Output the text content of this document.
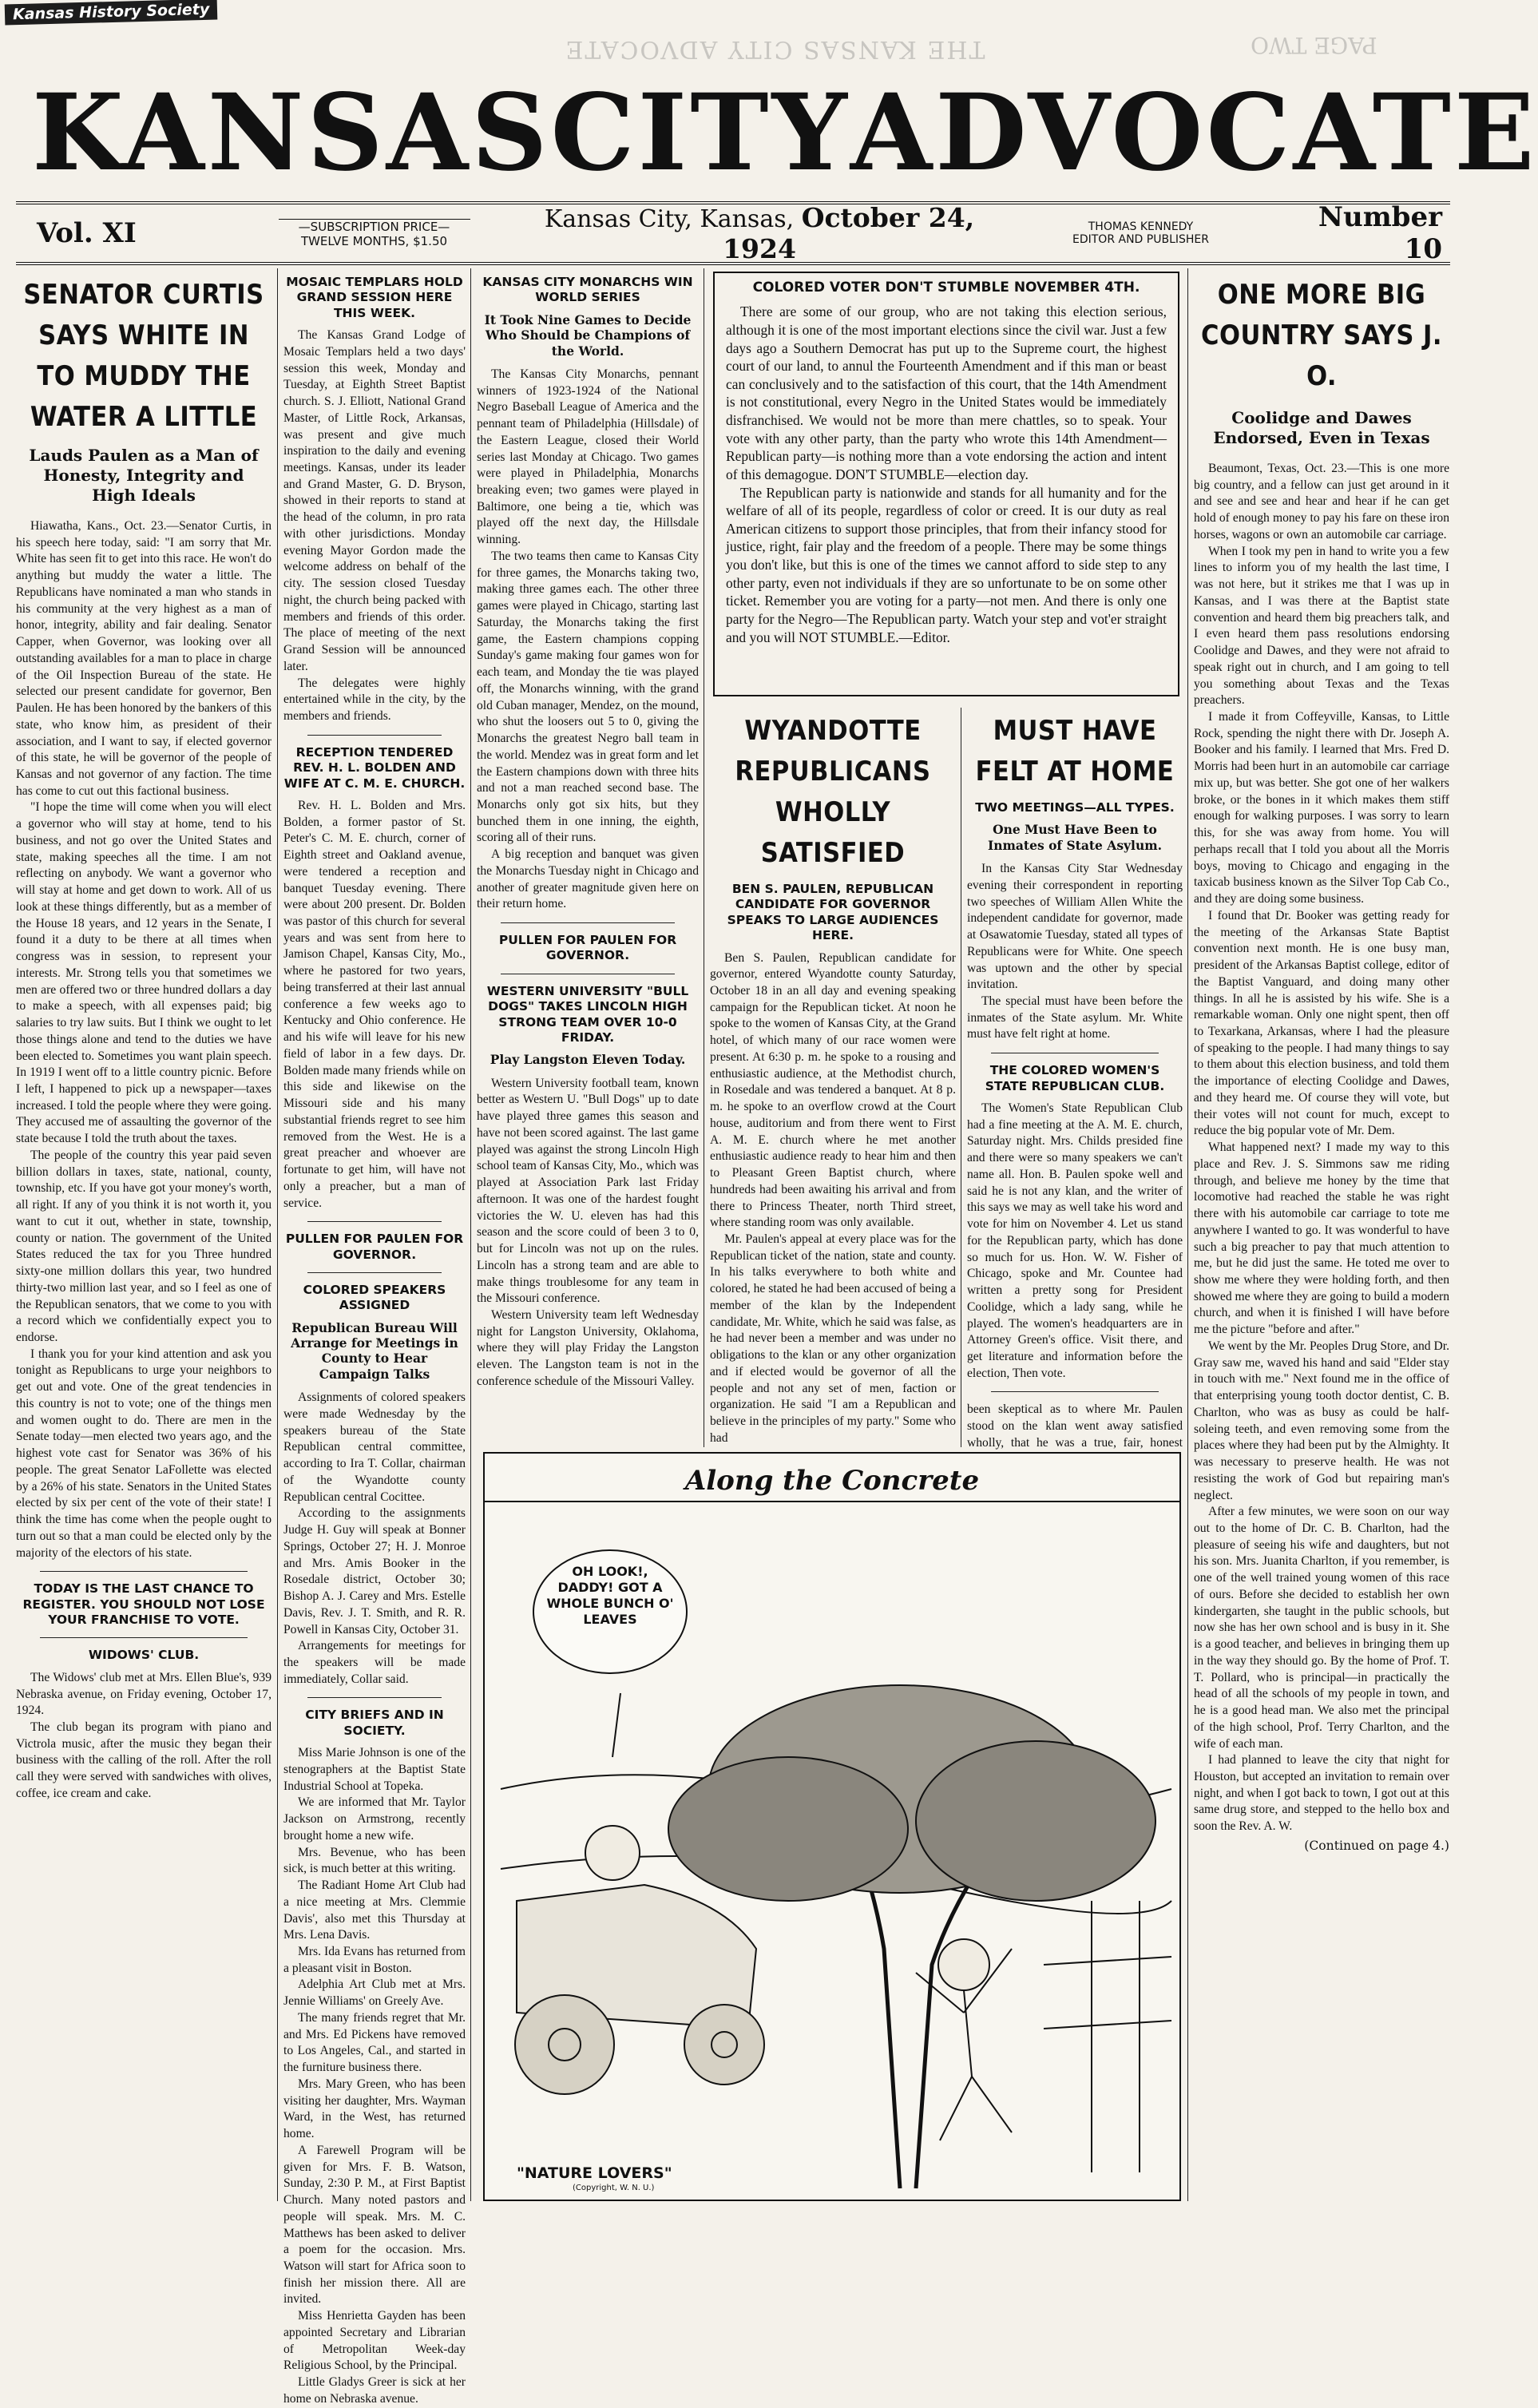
Kansas History Society
THE KANSAS CITY ADVOCATE	PAGE TWO
KANSAS CITY ADVOCATE
Vol. XI	—SUBSCRIPTION PRICE—
TWELVE MONTHS, $1.50
Kansas City, Kansas, October 24, 1924
THOMAS KENNEDY
EDITOR AND PUBLISHER
Number 10
SENATOR CURTIS SAYS WHITE IN TO MUDDY THE WATER A LITTLE
Lauds Paulen as a Man of Honesty, Integrity and High Ideals

Hiawatha, Kans., Oct. 23.—Senator Curtis, in his speech here today, said: "I am sorry that Mr. White has seen fit to get into this race. He won't do anything but muddy the water a little. The Republicans have nominated a man who stands in his community at the very highest as a man of honor, integrity, ability and fair dealing. Senator Capper, when Governor, was looking over all outstanding availables for a man to place in charge of the Oil Inspection Bureau of the state. He selected our present candidate for governor, Ben Paulen. He has been honored by the bankers of this state, who know him, as president of their association, and I want to say, if elected governor of this state, he will be governor of the people of Kansas and not governor of any faction. The time has come to cut out this factional business.

"I hope the time will come when you will elect a governor who will stay at home, tend to his business, and not go over the United States and state, making speeches all the time. I am not reflecting on anybody. We want a governor who will stay at home and get down to work. All of us look at these things differently, but as a member of the House 18 years, and 12 years in the Senate, I found it a duty to be there at all times when congress was in session, to represent your interests. Mr. Strong tells you that sometimes we men are offered two or three hundred dollars a day to make a speech, with all expenses paid; big salaries to try law suits. But I think we ought to let those things alone and tend to the duties we have been elected to. Sometimes you want plain speech. In 1919 I went off to a little country picnic. Before I left, I happened to pick up a newspaper—taxes increased. I told the people where they were going. They accused me of assaulting the governor of the state because I told the truth about the taxes.

The people of the country this year paid seven billion dollars in taxes, state, national, county, township, etc. If you have got your money's worth, all right. If any of you think it is not worth it, you want to cut it out, whether in state, township, county or nation. The government of the United States reduced the tax for you Three hundred sixty-one million dollars this year, two hundred thirty-two million last year, and so I feel as one of the Republican senators, that we come to you with a record which we confidentially expect you to endorse.

I thank you for your kind attention and ask you tonight as Republicans to urge your neighbors to get out and vote. One of the great tendencies in this country is not to vote; one of the things men and women ought to do. There are men in the Senate today—men elected two years ago, and the highest vote cast for Senator was 36% of his people. The great Senator LaFollette was elected by a 26% of his state. Senators in the United States elected by six per cent of the vote of their state! I think the time has come when the people ought to turn out so that a man could be elected only by the majority of the electors of his state.

TODAY IS THE LAST CHANCE TO REGISTER. YOU SHOULD NOT LOSE YOUR FRANCHISE TO VOTE.
WIDOWS' CLUB.

The Widows' club met at Mrs. Ellen Blue's, 939 Nebraska avenue, on Friday evening, October 17, 1924.

The club began its program with piano and Victrola music, after the music they began their business with the calling of the roll. After the roll call they were served with sandwiches with olives, coffee, ice cream and cake.

MOSAIC TEMPLARS HOLD GRAND SESSION HERE THIS WEEK.

The Kansas Grand Lodge of Mosaic Templars held a two days' session this week, Monday and Tuesday, at Eighth Street Baptist church. S. J. Elliott, National Grand Master, of Little Rock, Arkansas, was present and give much inspiration to the daily and evening meetings. Kansas, under its leader and Grand Master, G. D. Bryson, showed in their reports to stand at the head of the column, in pro rata with other jurisdictions. Monday evening Mayor Gordon made the welcome address on behalf of the city. The session closed Tuesday night, the church being packed with members and friends of this order. The place of meeting of the next Grand Session will be announced later.

The delegates were highly entertained while in the city, by the members and friends.

RECEPTION TENDERED REV. H. L. BOLDEN AND WIFE AT C. M. E. CHURCH.

Rev. H. L. Bolden and Mrs. Bolden, a former pastor of St. Peter's C. M. E. church, corner of Eighth street and Oakland avenue, were tendered a reception and banquet Tuesday evening. There were about 200 present. Dr. Bolden was pastor of this church for several years and was sent from here to Jamison Chapel, Kansas City, Mo., where he pastored for two years, being transferred at their last annual conference a few weeks ago to Kentucky and Ohio conference. He and his wife will leave for his new field of labor in a few days. Dr. Bolden made many friends while on this side and likewise on the Missouri side and his many substantial friends regret to see him removed from the West. He is a great preacher and whoever are fortunate to get him, will have not only a preacher, but a man of service.

PULLEN FOR PAULEN FOR GOVERNOR.
COLORED SPEAKERS ASSIGNED
Republican Bureau Will Arrange for Meetings in County to Hear Campaign Talks

Assignments of colored speakers were made Wednesday by the speakers bureau of the State Republican central committee, according to Ira T. Collar, chairman of the Wyandotte county Republican central Cocittee.

According to the assignments Judge H. Guy will speak at Bonner Springs, October 27; H. J. Monroe and Mrs. Amis Booker in the Rosedale district, October 30; Bishop A. J. Carey and Mrs. Estelle Davis, Rev. J. T. Smith, and R. R. Powell in Kansas City, October 31.

Arrangements for meetings for the speakers will be made immediately, Collar said.

CITY BRIEFS AND IN SOCIETY.

Miss Marie Johnson is one of the stenographers at the Baptist State Industrial School at Topeka.

We are informed that Mr. Taylor Jackson on Armstrong, recently brought home a new wife.

Mrs. Bevenue, who has been sick, is much better at this writing.

The Radiant Home Art Club had a nice meeting at Mrs. Clemmie Davis', also met this Thursday at Mrs. Lena Davis.

Mrs. Ida Evans has returned from a pleasant visit in Boston.

Adelphia Art Club met at Mrs. Jennie Williams' on Greely Ave.

The many friends regret that Mr. and Mrs. Ed Pickens have removed to Los Angeles, Cal., and started in the furniture business there.

Mrs. Mary Green, who has been visiting her daughter, Mrs. Wayman Ward, in the West, has returned home.

A Farewell Program will be given for Mrs. F. B. Watson, Sunday, 2:30 P. M., at First Baptist Church. Many noted pastors and people will speak. Mrs. M. C. Matthews has been asked to deliver a poem for the occasion. Mrs. Watson will start for Africa soon to finish her mission there. All are invited.

Miss Henrietta Gayden has been appointed Secretary and Librarian of Metropolitan Week-day Religious School, by the Principal.

Little Gladys Greer is sick at her home on Nebraska avenue.

KANSAS CITY MONARCHS WIN WORLD SERIES
It Took Nine Games to Decide Who Should be Champions of the World.

The Kansas City Monarchs, pennant winners of 1923-1924 of the National Negro Baseball League of America and the pennant team of Philadelphia (Hillsdale) of the Eastern League, closed their World series last Monday at Chicago. Two games were played in Philadelphia, Monarchs breaking even; two games were played in Baltimore, one being a tie, which was played off the next day, the Hillsdale winning.

The two teams then came to Kansas City for three games, the Monarchs taking two, making three games each. The other three games were played in Chicago, starting last Saturday, the Monarchs taking the first game, the Eastern champions copping Sunday's game making four games won for each team, and Monday the tie was played off, the Monarchs winning, with the grand old Cuban manager, Mendez, on the mound, who shut the loosers out 5 to 0, giving the Monarchs the greatest Negro ball team in the world. Mendez was in great form and let the Eastern champions down with three hits and not a man reached second base. The Monarchs only got six hits, but they bunched them in one inning, the eighth, scoring all of their runs.

A big reception and banquet was given the Monarchs Tuesday night in Chicago and another of greater magnitude given here on their return home.

PULLEN FOR PAULEN FOR GOVERNOR.
WESTERN UNIVERSITY "BULL DOGS" TAKES LINCOLN HIGH STRONG TEAM OVER 10-0 FRIDAY.
Play Langston Eleven Today.

Western University football team, known better as Western U. "Bull Dogs" up to date have played three games this season and have not been scored against. The last game played was against the strong Lincoln High school team of Kansas City, Mo., which was played at Association Park last Friday afternoon. It was one of the hardest fought victories the W. U. eleven has had this season and the score could of been 3 to 0, but for Lincoln was not up on the rules. Lincoln has a strong team and are able to make things troublesome for any team in the Missouri conference.

Western University team left Wednesday night for Langston University, Oklahoma, where they will play Friday the Langston eleven. The Langston team is not in the conference schedule of the Missouri Valley.

COLORED VOTER DON'T STUMBLE NOVEMBER 4TH.

There are some of our group, who are not taking this election serious, although it is one of the most important elections since the civil war. Just a few days ago a Southern Democrat has put up to the Supreme court, the highest court of our land, to annul the Fourteenth Amendment and if this man or beast can conclusively and to the satisfaction of this court, that the 14th Amendment is not constitutional, every Negro in the United States would be immediately disfranchised. We would not be more than mere chattles, so to speak. Your vote with any other party, than the party who wrote this 14th Amendment—Republican party—is nothing more than a vote endorsing the action and intent of this demagogue. DON'T STUMBLE—election day.

The Republican party is nationwide and stands for all humanity and for the welfare of all of its people, regardless of color or creed. It is our duty as real American citizens to support those principles, that from their infancy stood for justice, right, fair play and the freedom of a people. There may be some things you don't like, but this is one of the times we cannot afford to side step to any other party, even not individuals if they are so unfortunate to be on some other ticket. Remember you are voting for a party—not men. And there is only one party for the Negro—The Republican party. Watch your step and vot'er straight and you will NOT STUMBLE.—Editor.

WYANDOTTE REPUBLICANS WHOLLY SATISFIED
BEN S. PAULEN, REPUBLICAN CANDIDATE FOR GOVERNOR SPEAKS TO LARGE AUDIENCES HERE.

Ben S. Paulen, Republican candidate for governor, entered Wyandotte county Saturday, October 18 in an all day and evening speaking campaign for the Republican ticket. At noon he spoke to the women of Kansas City, at the Grand hotel, of which many of our race women were present. At 6:30 p. m. he spoke to a rousing and enthusiastic audience, at the Methodist church, in Rosedale and was tendered a banquet. At 8 p. m. he spoke to an overflow crowd at the Court house, auditorium and from there went to First A. M. E. church where he met another enthusiastic audience ready to hear him and then to Pleasant Green Baptist church, where hundreds had been awaiting his arrival and from there to Princess Theater, north Third street, where standing room was only available.

Mr. Paulen's appeal at every place was for the Republican ticket of the nation, state and county. In his talks everywhere to both white and colored, he stated he had been accused of being a member of the klan by the Independent candidate, Mr. White, which he said was false, as he had never been a member and was under no obligations to the klan or any other organization and if elected would be governor of all the people and not any set of men, faction or organization. He said "I am a Republican and believe in the principles of my party." Some who had

MUST HAVE FELT AT HOME
TWO MEETINGS—ALL TYPES.
One Must Have Been to Inmates of State Asylum.

In the Kansas City Star Wednesday evening their correspondent in reporting two speeches of William Allen White the independent candidate for governor, made at Osawatomie Tuesday, stated all types of Republicans were for White. One speech was uptown and the other by special invitation.

The special must have been before the inmates of the State asylum. Mr. White must have felt right at home.

THE COLORED WOMEN'S STATE REPUBLICAN CLUB.

The Women's State Republican Club had a fine meeting at the A. M. E. church, Saturday night. Mrs. Childs presided fine and there were so many speakers we can't name all. Hon. B. Paulen spoke well and said he is not any klan, and the writer of this says we may as well take his word and vote for him on November 4. Let us stand for the Republican party, which has done so much for us. Hon. W. W. Fisher of Chicago, spoke and Mr. Countee had written a pretty song for President Coolidge, which a lady sang, while he played. The women's headquarters are in Attorney Green's office. Visit there, and get literature and information before the election, Then vote.

been skeptical as to where Mr. Paulen stood on the klan went away satisfied wholly, that he was a true, fair, honest

Along the Concrete
OH LOOK!, DADDY! GOT A WHOLE BUNCH O' LEAVES
"NATURE LOVERS"
(Copyright, W. N. U.)
ONE MORE BIG COUNTRY SAYS J. O.
Coolidge and Dawes Endorsed, Even in Texas

Beaumont, Texas, Oct. 23.—This is one more big country, and a fellow can just get around in it and see and see and hear and hear if he can get hold of enough money to pay his fare on these iron horses, wagons or own an automobile car carriage.

When I took my pen in hand to write you a few lines to inform you of my health the last time, I was not here, but it strikes me that I was up in Kansas, and I was there at the Baptist state convention and heard them big preachers talk, and I even heard them pass resolutions endorsing Coolidge and Dawes, and they were not afraid to speak right out in church, and I am going to tell you something about Texas and the Texas preachers.

I made it from Coffeyville, Kansas, to Little Rock, spending the night there with Dr. Joseph A. Booker and his family. I learned that Mrs. Fred D. Morris had been hurt in an automobile car carriage mix up, but was better. She got one of her walkers broke, or the bones in it which makes them stiff enough for walking purposes. I was sorry to learn this, for she was away from home. You will perhaps recall that I told you about all the Morris boys, moving to Chicago and engaging in the taxicab business known as the Silver Top Cab Co., and they are doing some business.

I found that Dr. Booker was getting ready for the meeting of the Arkansas State Baptist convention next month. He is one busy man, president of the Arkansas Baptist college, editor of the Baptist Vanguard, and doing many other things. In all he is assisted by his wife. She is a remarkable woman. Only one night spent, then off to Texarkana, Arkansas, where I had the pleasure of speaking to the people. I had many things to say to them about this election business, and told them the importance of electing Coolidge and Dawes, and they heard me. Of course they will vote, but their votes will not count for much, except to reduce the big popular vote of Mr. Dem.

What happened next? I made my way to this place and Rev. J. S. Simmons saw me riding through, and believe me honey by the time that locomotive had reached the stable he was right there with his automobile car carriage to tote me anywhere I wanted to go. It was wonderful to have such a big preacher to pay that much attention to me, but he did just the same. He toted me over to show me where they were holding forth, and then showed me where they are going to build a modern church, and when it is finished I will have before me the picture "before and after."

We went by the Mr. Peoples Drug Store, and Dr. Gray saw me, waved his hand and said "Elder stay in touch with me." Next found me in the office of that enterprising young tooth doctor dentist, C. B. Charlton, who was as busy as could be half-soleing teeth, and even removing some from the places where they had been put by the Almighty. It was necessary to preserve health. He was not resisting the work of God but repairing man's neglect.

After a few minutes, we were soon on our way out to the home of Dr. C. B. Charlton, had the pleasure of seeing his wife and daughters, but not his son. Mrs. Juanita Charlton, if you remember, is one of the well trained young women of this race of ours. Before she decided to establish her own kindergarten, she taught in the public schools, but now she has her own school and is busy in it. She is a good teacher, and believes in bringing them up in the way they should go. By the home of Prof. T. T. Pollard, who is principal—in practically the head of all the schools of my people in town, and he is a good head man. We also met the principal of the high school, Prof. Terry Charlton, and the wife of each man.

I had planned to leave the city that night for Houston, but accepted an invitation to remain over night, and when I got back to town, I got out at this same drug store, and stepped to the hello box and soon the Rev. A. W.

(Continued on page 4.)
